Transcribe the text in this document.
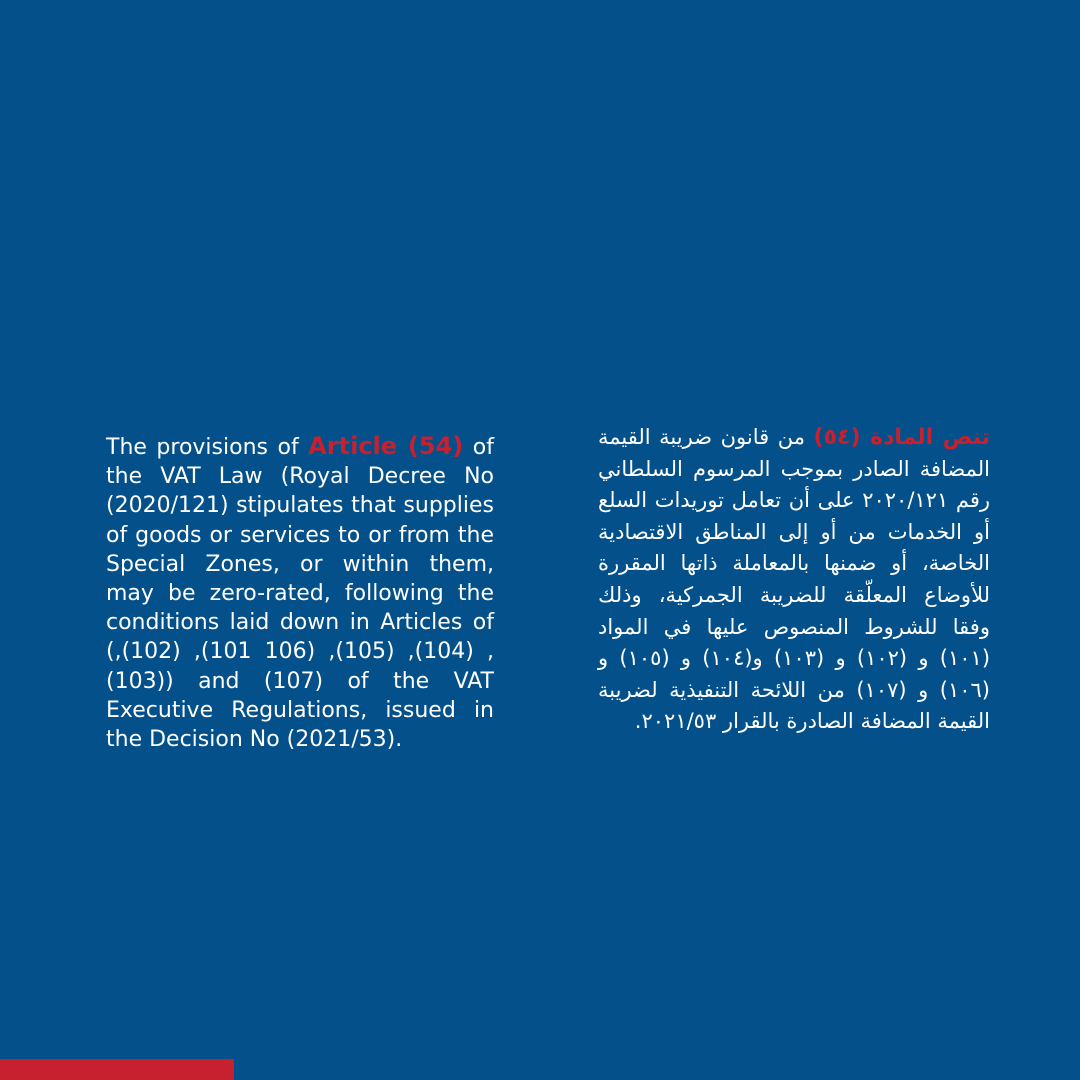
The provisions of Article (54) of the VAT Law (Royal Decree No (2020/121) stipulates that supplies of goods or services to or from the Special Zones, or within them, may be zero-rated, following the conditions laid down in Articles of (,(102) ,(101 106) ,(105) ,(104) ,(103)) and (107) of the VAT Executive Regulations, issued in the Decision No (2021/53).

تنص المادة (٥٤) من قانون ضريبة القيمة المضافة الصادر بموجب المرسوم السلطاني رقم ٢٠٢٠/١٢١ على أن تعامل توريدات السلع أو الخدمات من أو إلى المناطق الاقتصادية الخاصة، أو ضمنها بالمعاملة ذاتها المقررة للأوضاع المعلّقة للضريبة الجمركية، وذلك وفقا للشروط المنصوص عليها في المواد (١٠١) و (١٠٢) و (١٠٣) و(١٠٤) و (١٠٥) و (١٠٦) و (١٠٧) من اللائحة التنفيذية لضريبة القيمة المضافة الصادرة بالقرار ٢٠٢١/٥٣.
